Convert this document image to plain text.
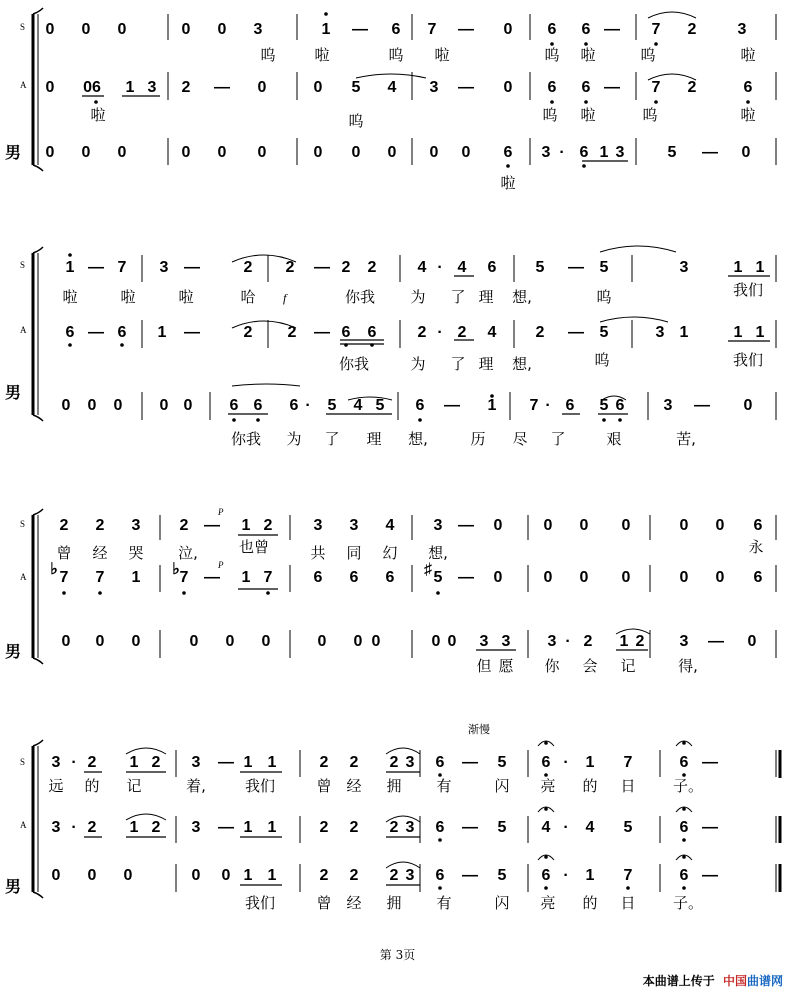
0 0 0	0 0 3	1 — 6 7 — 0 6 6 — 7 2	3
呜	啦	呜 啦	呜 啦	呜	啦
0 06 1 3 2 — 0	0 5 4 3 — 0 6 6 — 7 2	6
啦	呜	呜 啦	呜	啦
0 0 0	0 0 0	0 0 0 0 0 6 3 · 6 1 3	5 — 0
啦
1 — 7 3 —	2 2 — 2 2	4 · 4 6 5 — 5	3	1 1
啦	啦	啦	哈	你我 为 了 理 想,	呜	我们
6 — 6 1 —	2 2 — 6 6	2 · 2 4 2 — 5	3 1	1 1
你我	为 了 理 想,	呜	我们
0 0 0 0 0 6 6 6 · 5 4 5 6 — 1 7 · 6 5 6 3 — 0
你我 为 了 理 想,	历 尽 了	艰	苦,
2 2 3 2 — 1 2	3 3 4 3 — 0	0 0 0	0 0 6
曾 经 哭 泣,	也曾	共 同 幻 想,	永
♭ 7 7 1 ♭ 7 — 1 7	6 6 6 ♯ 5 — 0	0 0 0	0 0 6
0 0 0	0 0 0	0 0 0	0 0 3 3 3 · 2 1 2 3 — 0
但 愿 你 会 记	得,
3 · 2 1 2 3 — 1 1	2 2 2 3 6 — 5 6 · 1 7	6 —
远 的 记	着,	我们	曾 经 拥 有	闪 亮 的 日 子。
3 · 2 1 2 3 — 1 1	2 2 2 3 6 — 5 4 · 4 5	6 —
0 0 0	0 0 1 1	2 2 2 3 6 — 5 6 · 1 7	6 —
我们	曾 经 拥 有	闪 亮 的 日 子。
S
A
男
S
A
男
S
A
男
S
A
男
f
P
P
渐慢
第 3页
本曲谱上传于 中国曲谱网
